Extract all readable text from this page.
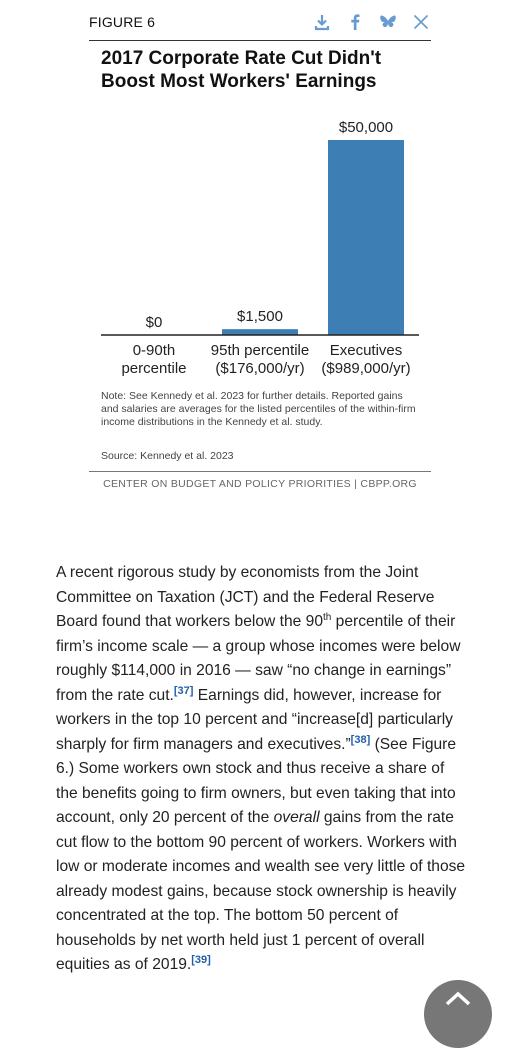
FIGURE 6
2017 Corporate Rate Cut Didn't Boost Most Workers' Earnings
$0
0-90th percentile
$1,500
95th percentile ($176,000/yr)
$50,000
Executives ($989,000/yr)
Note: See Kennedy et al. 2023 for further details. Reported gains and salaries are averages for the listed percentiles of the within-firm income distributions in the Kennedy et al. study.
Source: Kennedy et al. 2023
CENTER ON BUDGET AND POLICY PRIORITIES | CBPP.ORG

A recent rigorous study by economists from the Joint Committee on Taxation (JCT) and the Federal Reserve Board found that workers below the 90th percentile of their firm’s income scale — a group whose incomes were below roughly $114,000 in 2016 — saw “no change in earnings” from the rate cut.[37] Earnings did, however, increase for workers in the top 10 percent and “increase[d] particularly sharply for firm managers and executives.”[38] (See Figure 6.) Some workers own stock and thus receive a share of the benefits going to firm owners, but even taking that into account, only 20 percent of the overall gains from the rate cut flow to the bottom 90 percent of workers. Workers with low or moderate incomes and wealth see very little of those already modest gains, because stock ownership is heavily concentrated at the top. The bottom 50 percent of households by net worth held just 1 percent of overall equities as of 2019.[39]
